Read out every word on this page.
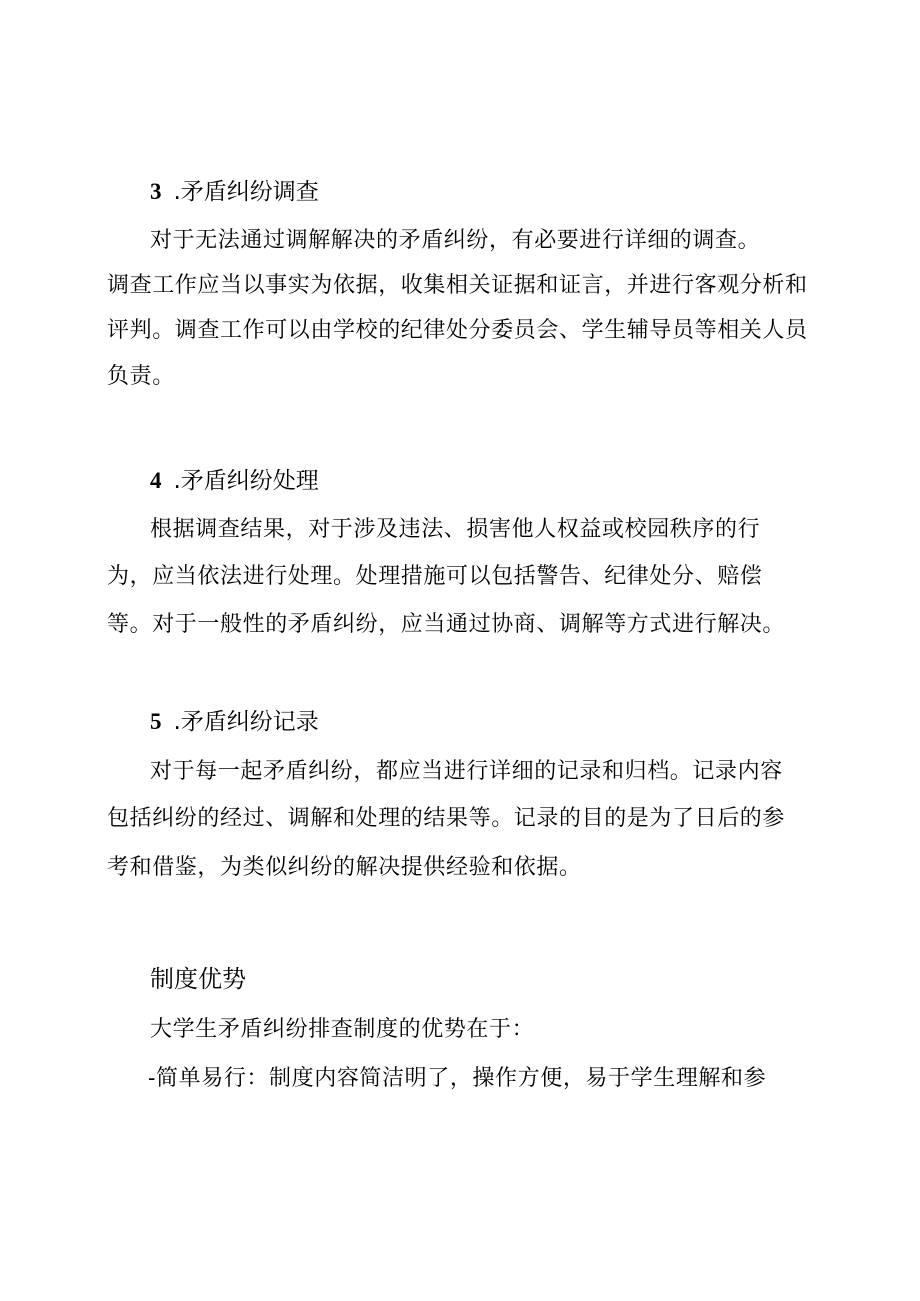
3 .矛盾纠纷调查
对于无法通过调解解决的矛盾纠纷，有必要进行详细的调查。
调查工作应当以事实为依据，收集相关证据和证言，并进行客观分析和
评判。调查工作可以由学校的纪律处分委员会、学生辅导员等相关人员
负责。
4 .矛盾纠纷处理
根据调查结果，对于涉及违法、损害他人权益或校园秩序的行
为，应当依法进行处理。处理措施可以包括警告、纪律处分、赔偿
等。对于一般性的矛盾纠纷，应当通过协商、调解等方式进行解决。
5 .矛盾纠纷记录
对于每一起矛盾纠纷，都应当进行详细的记录和归档。记录内容
包括纠纷的经过、调解和处理的结果等。记录的目的是为了日后的参
考和借鉴，为类似纠纷的解决提供经验和依据。
制度优势
大学生矛盾纠纷排查制度的优势在于：
-简单易行：制度内容简洁明了，操作方便，易于学生理解和参
